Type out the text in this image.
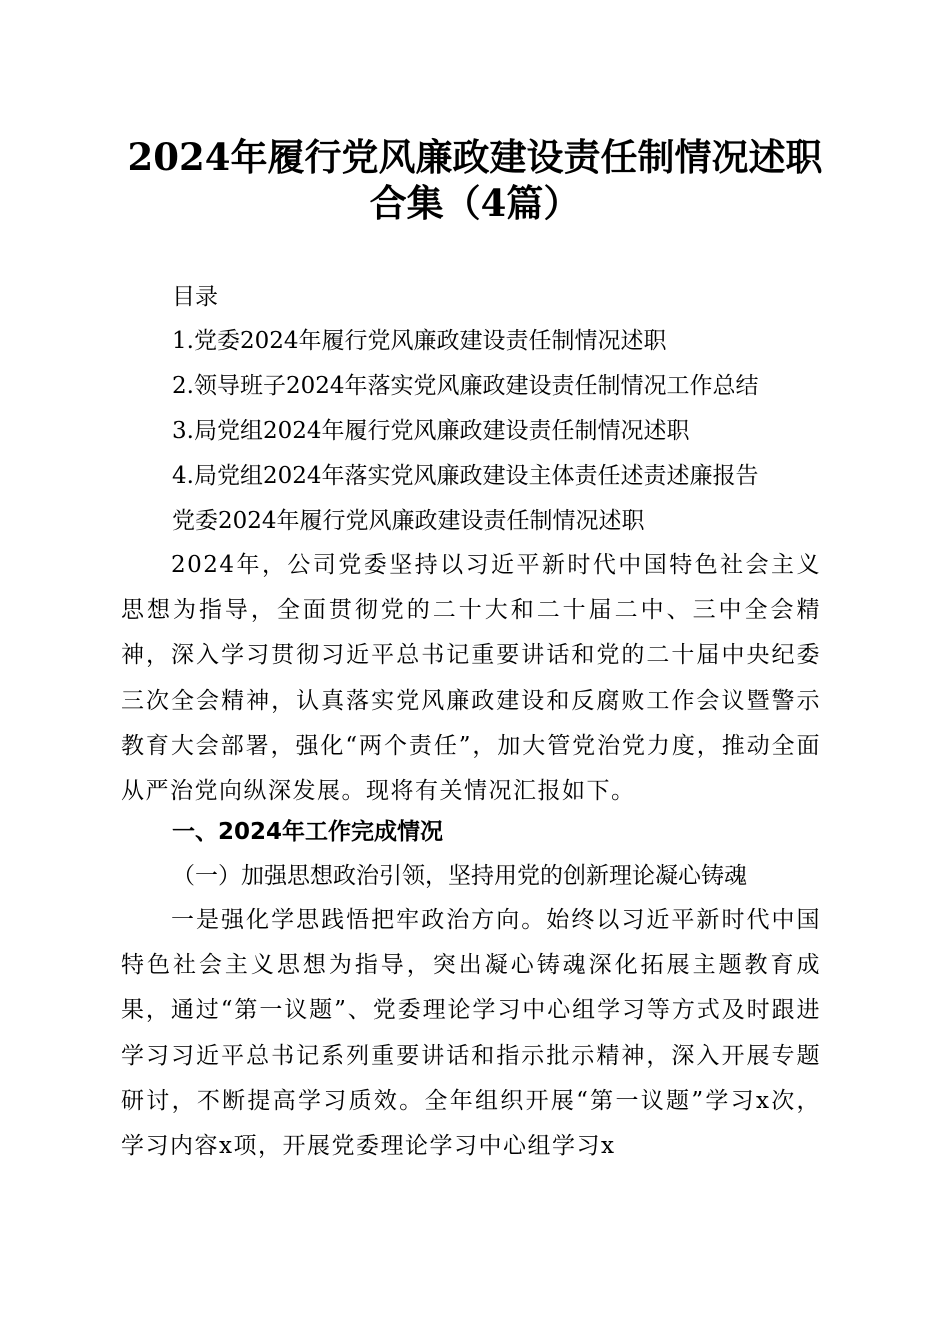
2024年履行党风廉政建设责任制情况述职合集（4篇）

目录

1.党委2024年履行党风廉政建设责任制情况述职

2.领导班子2024年落实党风廉政建设责任制情况工作总结

3.局党组2024年履行党风廉政建设责任制情况述职

4.局党组2024年落实党风廉政建设主体责任述责述廉报告

党委2024年履行党风廉政建设责任制情况述职

2024年，公司党委坚持以习近平新时代中国特色社会主义思想为指导，全面贯彻党的二十大和二十届二中、三中全会精神，深入学习贯彻习近平总书记重要讲话和党的二十届中央纪委三次全会精神，认真落实党风廉政建设和反腐败工作会议暨警示教育大会部署，强化“两个责任”，加大管党治党力度，推动全面从严治党向纵深发展。现将有关情况汇报如下。

一、2024年工作完成情况

（一）加强思想政治引领，坚持用党的创新理论凝心铸魂

一是强化学思践悟把牢政治方向。始终以习近平新时代中国特色社会主义思想为指导，突出凝心铸魂深化拓展主题教育成果，通过“第一议题”、党委理论学习中心组学习等方式及时跟进学习习近平总书记系列重要讲话和指示批示精神，深入开展专题研讨，不断提高学习质效。全年组织开展“第一议题”学习x次，学习内容x项，开展党委理论学习中心组学习x
